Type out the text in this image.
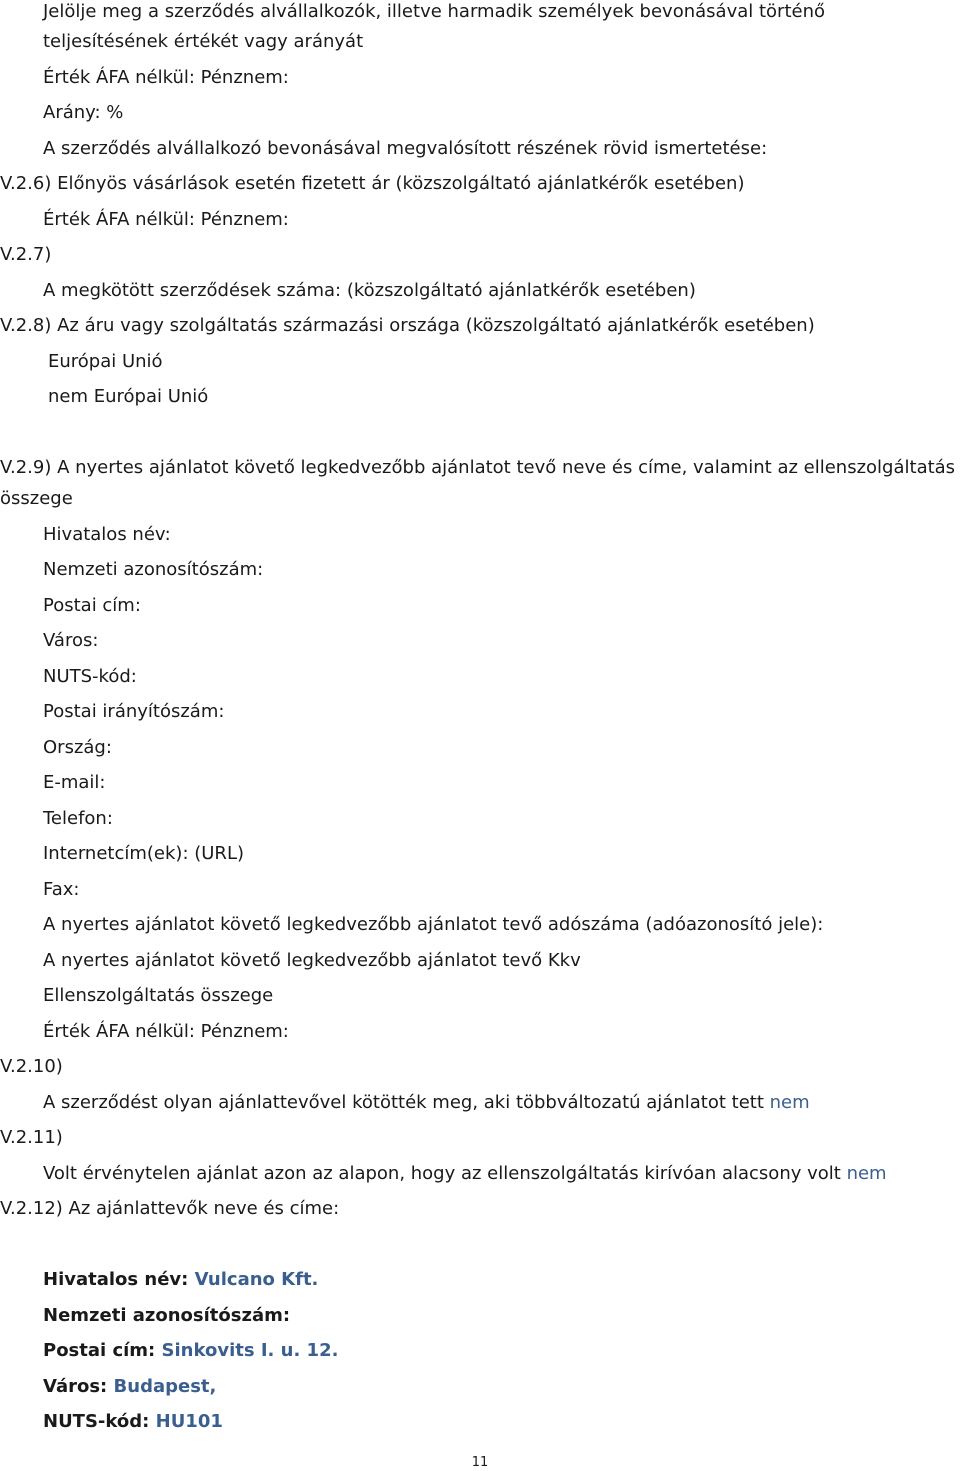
Jelölje meg a szerződés alvállalkozók, illetve harmadik személyek bevonásával történő
teljesítésének értékét vagy arányát
Érték ÁFA nélkül: Pénznem:
Arány: %
A szerződés alvállalkozó bevonásával megvalósított részének rövid ismertetése:
V.2.6) Előnyös vásárlások esetén fizetett ár (közszolgáltató ajánlatkérők esetében)
Érték ÁFA nélkül: Pénznem:
V.2.7)
A megkötött szerződések száma: (közszolgáltató ajánlatkérők esetében)
V.2.8) Az áru vagy szolgáltatás származási országa (közszolgáltató ajánlatkérők esetében)
Európai Unió
nem Európai Unió
V.2.9) A nyertes ajánlatot követő legkedvezőbb ajánlatot tevő neve és címe, valamint az ellenszolgáltatás
összege
Hivatalos név:
Nemzeti azonosítószám:
Postai cím:
Város:
NUTS-kód:
Postai irányítószám:
Ország:
E-mail:
Telefon:
Internetcím(ek): (URL)
Fax:
A nyertes ajánlatot követő legkedvezőbb ajánlatot tevő adószáma (adóazonosító jele):
A nyertes ajánlatot követő legkedvezőbb ajánlatot tevő Kkv
Ellenszolgáltatás összege
Érték ÁFA nélkül: Pénznem:
V.2.10)
A szerződést olyan ajánlattevővel kötötték meg, aki többváltozatú ajánlatot tett nem
V.2.11)
Volt érvénytelen ajánlat azon az alapon, hogy az ellenszolgáltatás kirívóan alacsony volt nem
V.2.12) Az ajánlattevők neve és címe:
Hivatalos név: Vulcano Kft.
Nemzeti azonosítószám:
Postai cím: Sinkovits I. u. 12.
Város: Budapest,
NUTS-kód: HU101
11
